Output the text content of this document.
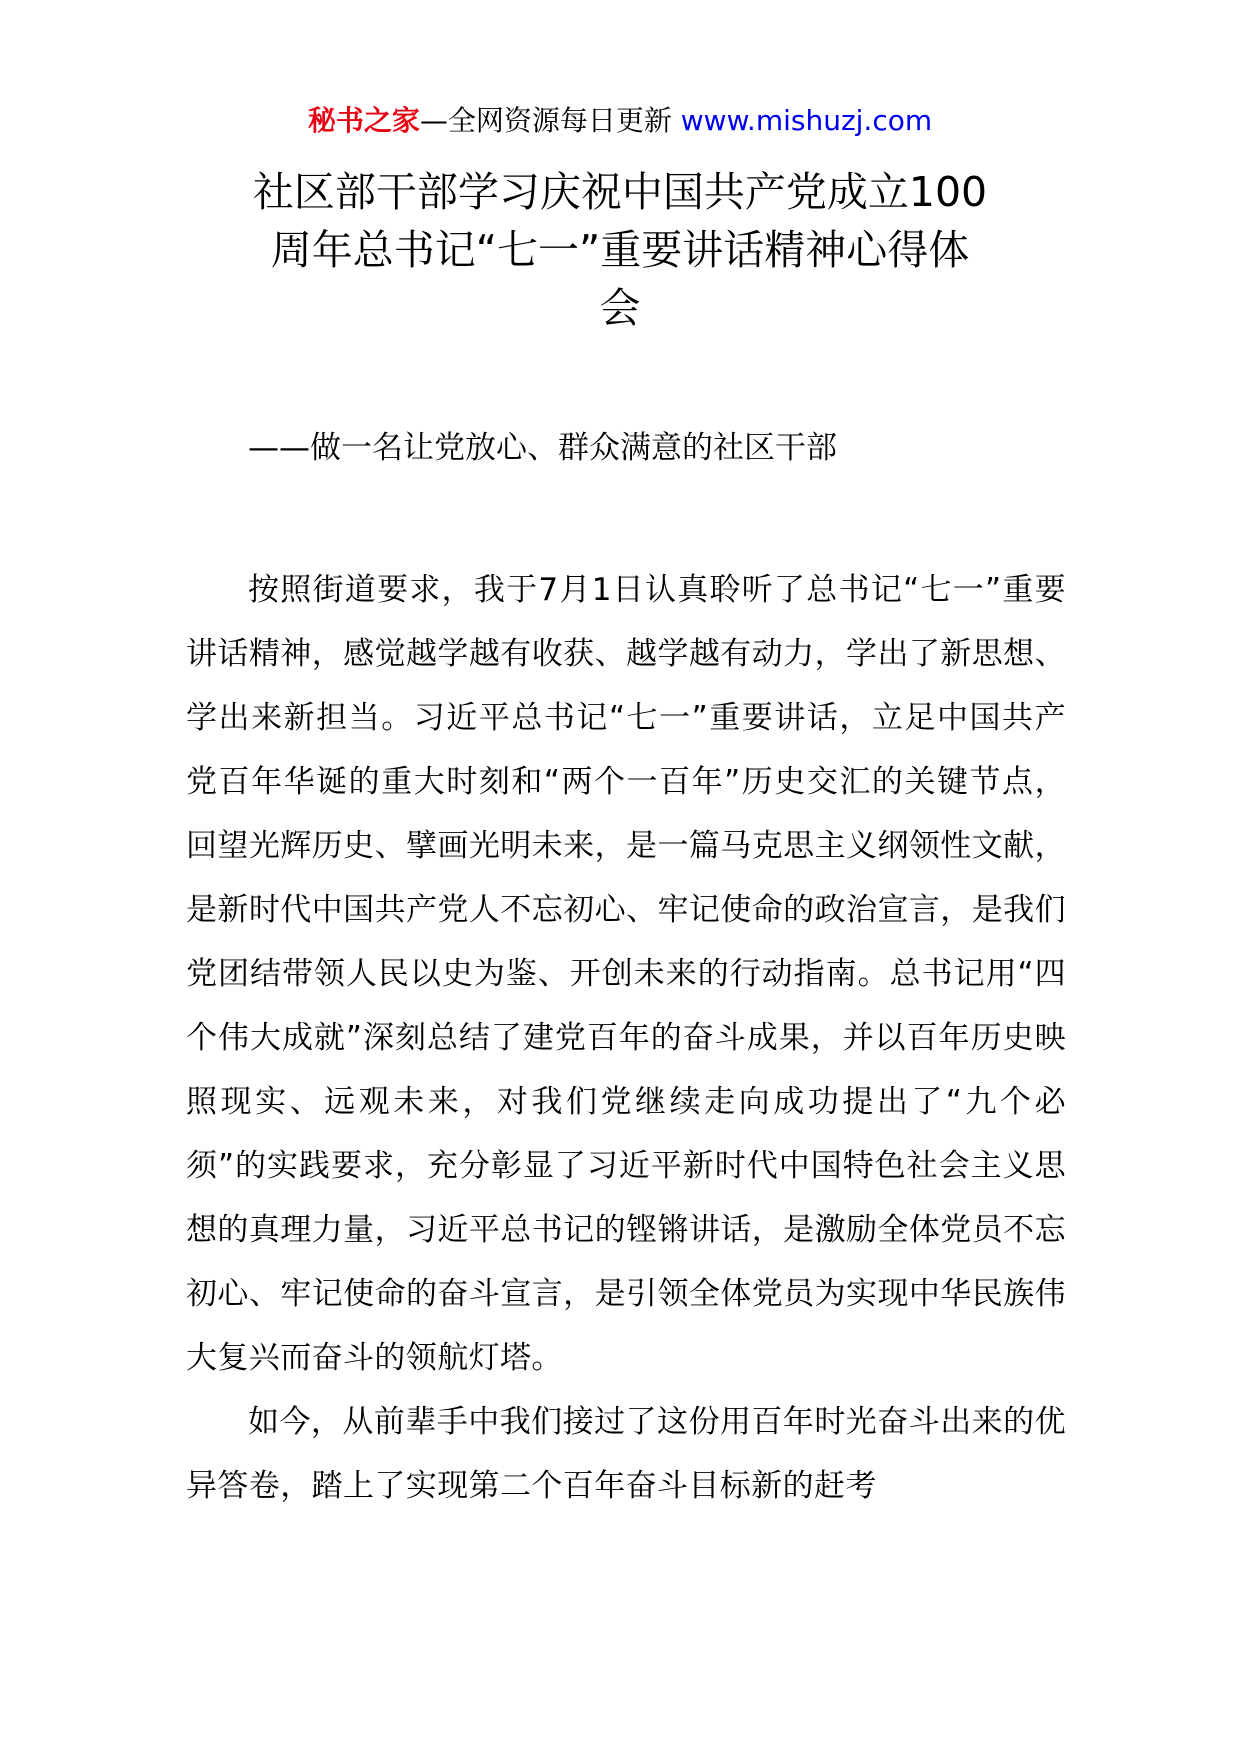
秘书之家—全网资源每日更新 www.mishuzj.com
社区部干部学习庆祝中国共产党成立100
周年总书记“七一”重要讲话精神心得体
会
——做一名让党放心、群众满意的社区干部

按照街道要求，我于7月1日认真聆听了总书记“七一”重要讲话精神，感觉越学越有收获、越学越有动力，学出了新思想、学出来新担当。习近平总书记“七一”重要讲话，立足中国共产党百年华诞的重大时刻和“两个一百年”历史交汇的关键节点，回望光辉历史、擘画光明未来，是一篇马克思主义纲领性文献，是新时代中国共产党人不忘初心、牢记使命的政治宣言，是我们党团结带领人民以史为鉴、开创未来的行动指南。总书记用“四个伟大成就”深刻总结了建党百年的奋斗成果，并以百年历史映照现实、远观未来，对我们党继续走向成功提出了“九个必须”的实践要求，充分彰显了习近平新时代中国特色社会主义思想的真理力量，习近平总书记的铿锵讲话，是激励全体党员不忘初心、牢记使命的奋斗宣言，是引领全体党员为实现中华民族伟大复兴而奋斗的领航灯塔。

如今，从前辈手中我们接过了这份用百年时光奋斗出来的优异答卷，踏上了实现第二个百年奋斗目标新的赶考
